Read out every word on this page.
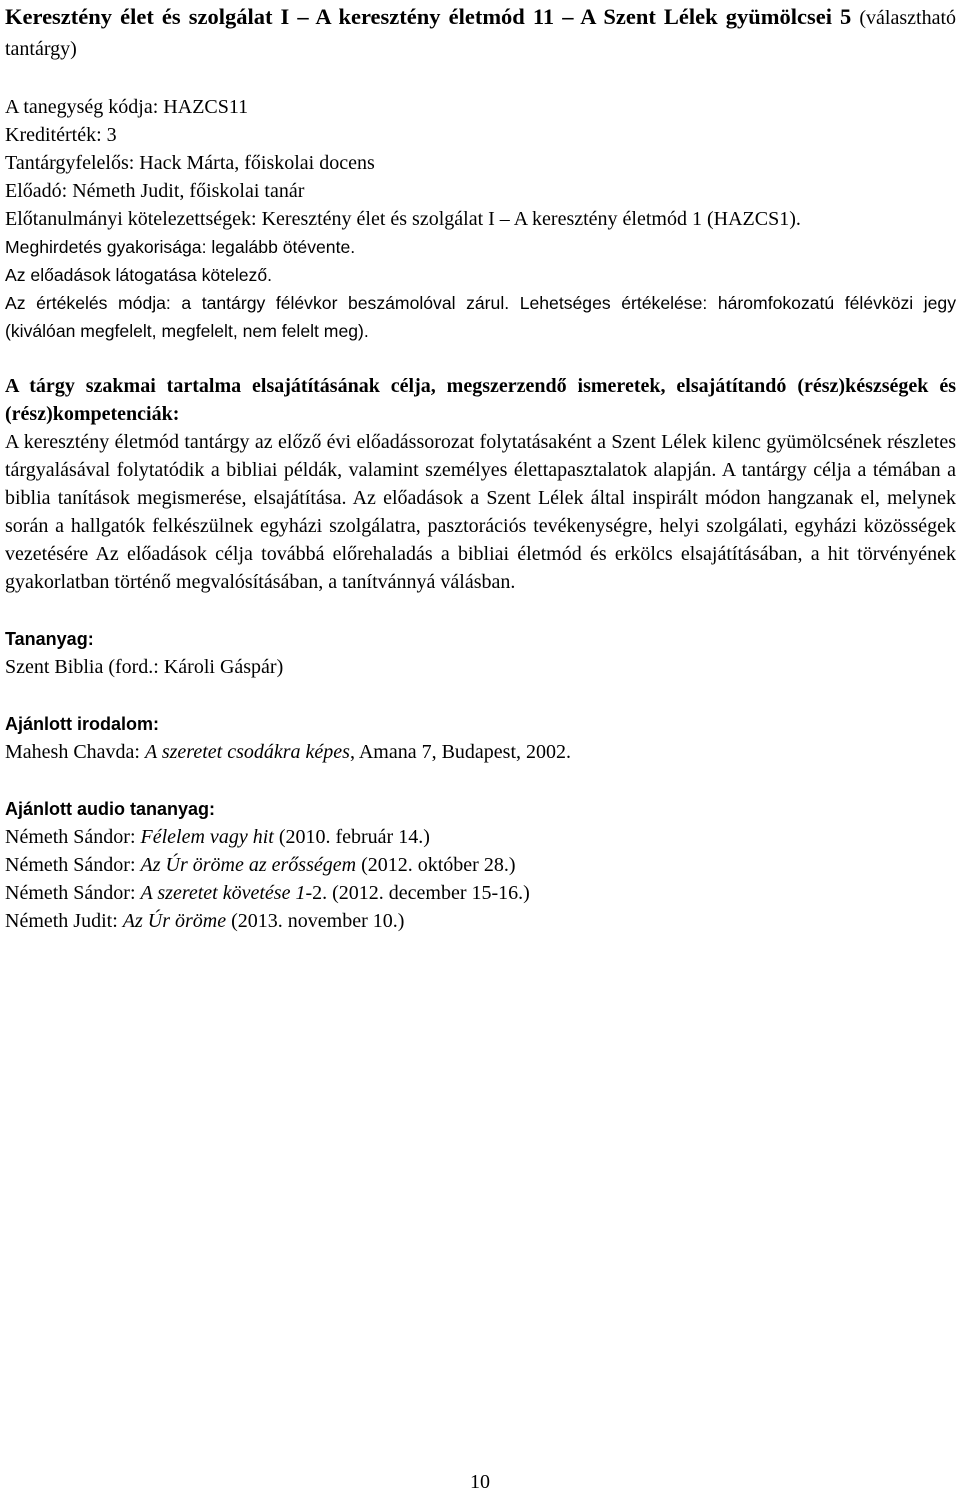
Keresztény élet és szolgálat I – A keresztény életmód 11 – A Szent Lélek gyümölcsei 5 (választható tantárgy)
A tanegység kódja: HAZCS11
Kreditérték: 3
Tantárgyfelelős: Hack Márta, főiskolai docens
Előadó: Németh Judit, főiskolai tanár
Előtanulmányi kötelezettségek: Keresztény élet és szolgálat I – A keresztény életmód 1 (HAZCS1).
Meghirdetés gyakorisága: legalább ötévente.
Az előadások látogatása kötelező.
Az értékelés módja: a tantárgy félévkor beszámolóval zárul. Lehetséges értékelése: háromfokozatú félévközi jegy (kiválóan megfelelt, megfelelt, nem felelt meg).
A tárgy szakmai tartalma elsajátításának célja, megszerzendő ismeretek, elsajátítandó (rész)készségek és (rész)kompetenciák:
A keresztény életmód tantárgy az előző évi előadássorozat folytatásaként a Szent Lélek kilenc gyümölcsének részletes tárgyalásával folytatódik a bibliai példák, valamint személyes élettapasztalatok alapján. A tantárgy célja a témában a biblia tanítások megismerése, elsajátítása. Az előadások a Szent Lélek által inspirált módon hangzanak el, melynek során a hallgatók felkészülnek egyházi szolgálatra, pasztorációs tevékenységre, helyi szolgálati, egyházi közösségek vezetésére Az előadások célja továbbá előrehaladás a bibliai életmód és erkölcs elsajátításában, a hit törvényének gyakorlatban történő megvalósításában, a tanítvánnyá válásban.
Tananyag:
Szent Biblia (ford.: Károli Gáspár)
Ajánlott irodalom:
Mahesh Chavda: A szeretet csodákra képes, Amana 7, Budapest, 2002.
Ajánlott audio tananyag:
Németh Sándor: Félelem vagy hit (2010. február 14.)
Németh Sándor: Az Úr öröme az erősségem (2012. október 28.)
Németh Sándor: A szeretet követése 1-2. (2012. december 15-16.)
Németh Judit: Az Úr öröme (2013. november 10.)
10
